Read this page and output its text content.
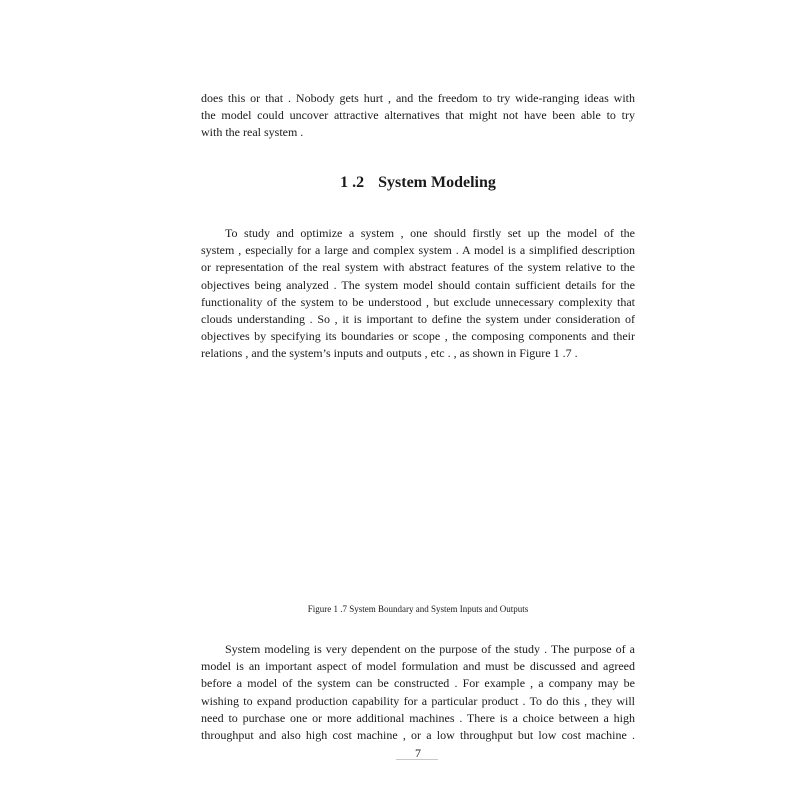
does this or that . Nobody gets hurt , and the freedom to try wide-ranging ideas with
the model could uncover attractive alternatives that might not have been able to try
with the real system .
1 .2 System Modeling
To study and optimize a system , one should firstly set up the model of the
system , especially for a large and complex system . A model is a simplified description
or representation of the real system with abstract features of the system relative to the
objectives being analyzed . The system model should contain sufficient details for the
functionality of the system to be understood , but exclude unnecessary complexity that
clouds understanding . So , it is important to define the system under consideration of
objectives by specifying its boundaries or scope , the composing components and their
relations , and the system’s inputs and outputs , etc . , as shown in Figure 1 .7 .

Figure 1 .7 System Boundary and System Inputs and Outputs

System modeling is very dependent on the purpose of the study . The purpose of a
model is an important aspect of model formulation and must be discussed and agreed
before a model of the system can be constructed . For example , a company may be
wishing to expand production capability for a particular product . To do this , they will
need to purchase one or more additional machines . There is a choice between a high
throughput and also high cost machine , or a low throughput but low cost machine .
7
